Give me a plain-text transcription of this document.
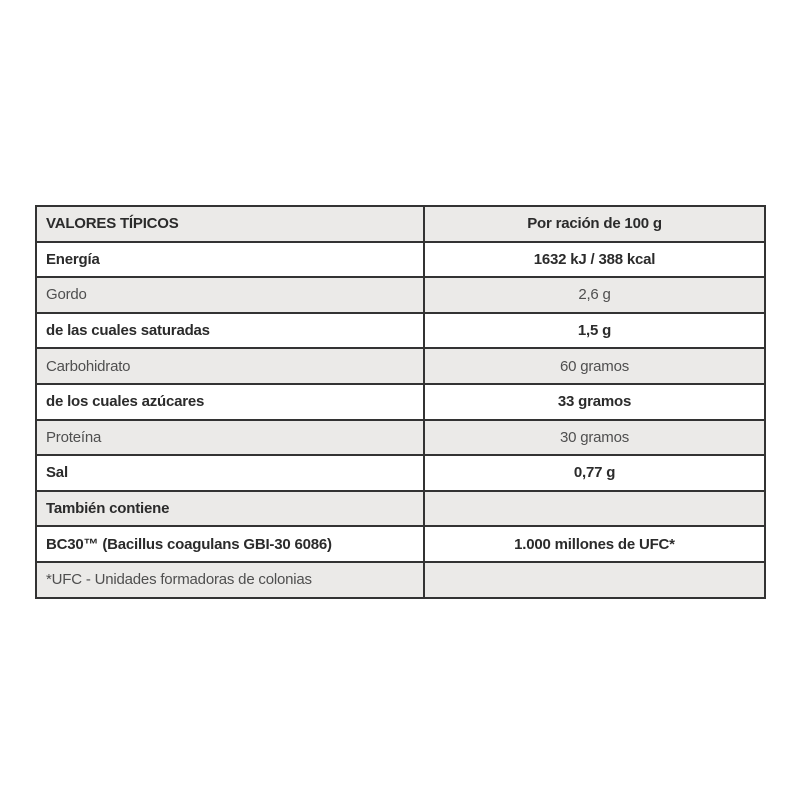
VALORES TÍPICOS	Por ración de 100 g
Energía	1632 kJ / 388 kcal
Gordo	2,6 g
de las cuales saturadas	1,5 g
Carbohidrato	60 gramos
de los cuales azúcares	33 gramos
Proteína	30 gramos
Sal	0,77 g
También contiene
BC30™ (Bacillus coagulans GBI-30 6086)	1.000 millones de UFC*
*UFC - Unidades formadoras de colonias
